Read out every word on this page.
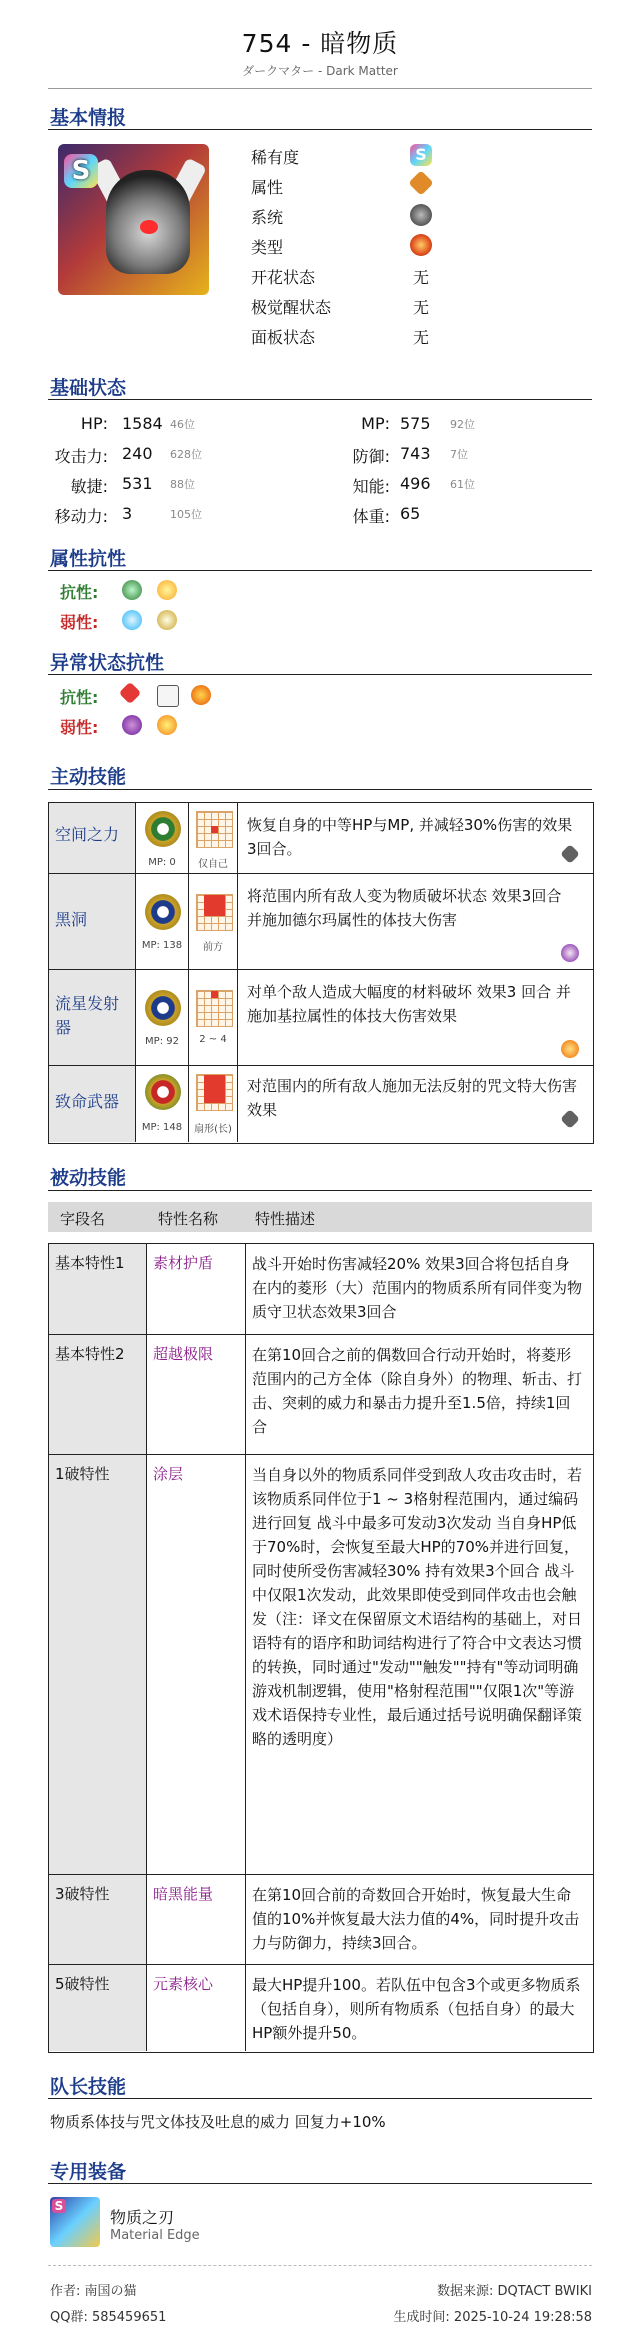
754 - 暗物质
ダークマター - Dark Matter
基本情报
S	稀有度	S
属性
系统
类型
开花状态	无
极觉醒状态	无
面板状态	无
基础状态
HP: 1584 46位
攻击力: 240 628位
敏捷: 531 88位
移动力: 3	105位
MP: 575 92位
防御: 743 7位
知能: 496 61位
体重: 65
属性抗性
抗性:
弱性:
异常状态抗性
抗性:
弱性:
主动技能
空间之力
MP: 0	仅自己
恢复自身的中等HP与MP, 并减轻30%伤害的效果3回合。
黑洞
MP: 138	前方
将范围内所有敌人变为物质破坏状态 效果3回合 并施加德尔玛属性的体技大伤害
流星发射器
MP: 92	2 ~ 4
对单个敌人造成大幅度的材料破坏 效果3 回合 并施加基拉属性的体技大伤害效果
致命武器
MP: 148	扇形(长)
对范围内的所有敌人施加无法反射的咒文特大伤害效果
被动技能
字段名	特性名称 特性描述
基本特性1 素材护盾	战斗开始时伤害减轻20% 效果3回合将包括自身在内的菱形（大）范围内的物质系所有同伴变为物质守卫状态效果3回合
基本特性2 超越极限	在第10回合之前的偶数回合行动开始时，将菱形范围内的己方全体（除自身外）的物理、斩击、打击、突刺的威力和暴击力提升至1.5倍，持续1回合
1破特性	涂层	当自身以外的物质系同伴受到敌人攻击攻击时，若该物质系同伴位于1 ~ 3格射程范围内，通过编码进行回复 战斗中最多可发动3次发动 当自身HP低于70%时，会恢复至最大HP的70%并进行回复，同时使所受伤害减轻30% 持有效果3个回合 战斗中仅限1次发动，此效果即使受到同伴攻击也会触发（注：译文在保留原文术语结构的基础上，对日语特有的语序和助词结构进行了符合中文表达习惯的转换，同时通过"发动""触发""持有"等动词明确游戏机制逻辑，使用"格射程范围""仅限1次"等游戏术语保持专业性，最后通过括号说明确保翻译策略的透明度）
3破特性	暗黑能量	在第10回合前的奇数回合开始时，恢复最大生命值的10%并恢复最大法力值的4%，同时提升攻击力与防御力，持续3回合。
5破特性	元素核心	最大HP提升100。若队伍中包含3个或更多物质系（包括自身），则所有物质系（包括自身）的最大HP额外提升50。
队长技能
物质系体技与咒文体技及吐息的威力 回复力+10%
专用装备
S
物质之刃
Material Edge
作者: 南国の猫
QQ群: 585459651
数据来源: DQTACT BWIKI
生成时间: 2025-10-24 19:28:58
